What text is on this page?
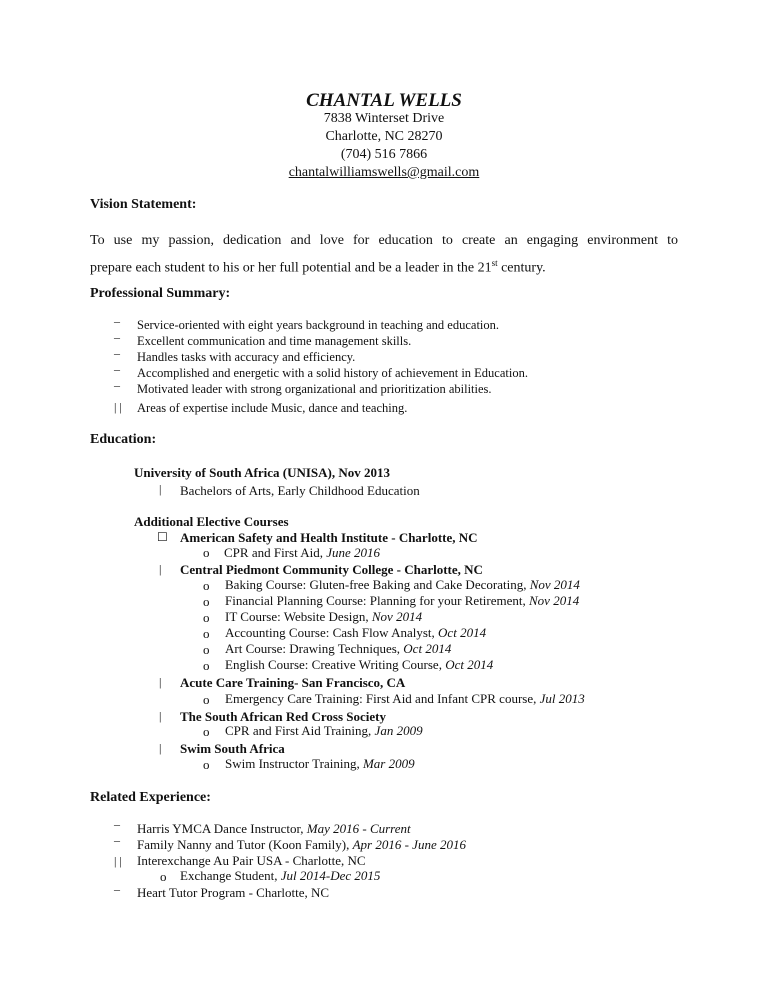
CHANTAL WELLS
7838 Winterset Drive
Charlotte, NC 28270
(704) 516 7866
chantalwilliamswells@gmail.com
Vision Statement:
To use my passion, dedication and love for education to create an engaging environment to
prepare each student to his or her full potential and be a leader in the 21st century.
Professional Summary:
– Service-oriented with eight years background in teaching and education.
– Excellent communication and time management skills.
– Handles tasks with accuracy and efficiency.
– Accomplished and energetic with a solid history of achievement in Education.
– Motivated leader with strong organizational and prioritization abilities.
| | Areas of expertise include Music, dance and teaching.
Education:
University of South Africa (UNISA), Nov 2013
| Bachelors of Arts, Early Childhood Education
Additional Elective Courses
☐ American Safety and Health Institute - Charlotte, NC
o CPR and First Aid, June 2016
| Central Piedmont Community College - Charlotte, NC
o Baking Course: Gluten-free Baking and Cake Decorating, Nov 2014
o Financial Planning Course: Planning for your Retirement, Nov 2014
o IT Course: Website Design, Nov 2014
o Accounting Course: Cash Flow Analyst, Oct 2014
o Art Course: Drawing Techniques, Oct 2014
o English Course: Creative Writing Course, Oct 2014
| Acute Care Training- San Francisco, CA
o Emergency Care Training: First Aid and Infant CPR course, Jul 2013
| The South African Red Cross Society
o CPR and First Aid Training, Jan 2009
| Swim South Africa
o Swim Instructor Training, Mar 2009
Related Experience:
– Harris YMCA Dance Instructor, May 2016 - Current
– Family Nanny and Tutor (Koon Family), Apr 2016 - June 2016
| | Interexchange Au Pair USA - Charlotte, NC
o Exchange Student, Jul 2014-Dec 2015
– Heart Tutor Program - Charlotte, NC
